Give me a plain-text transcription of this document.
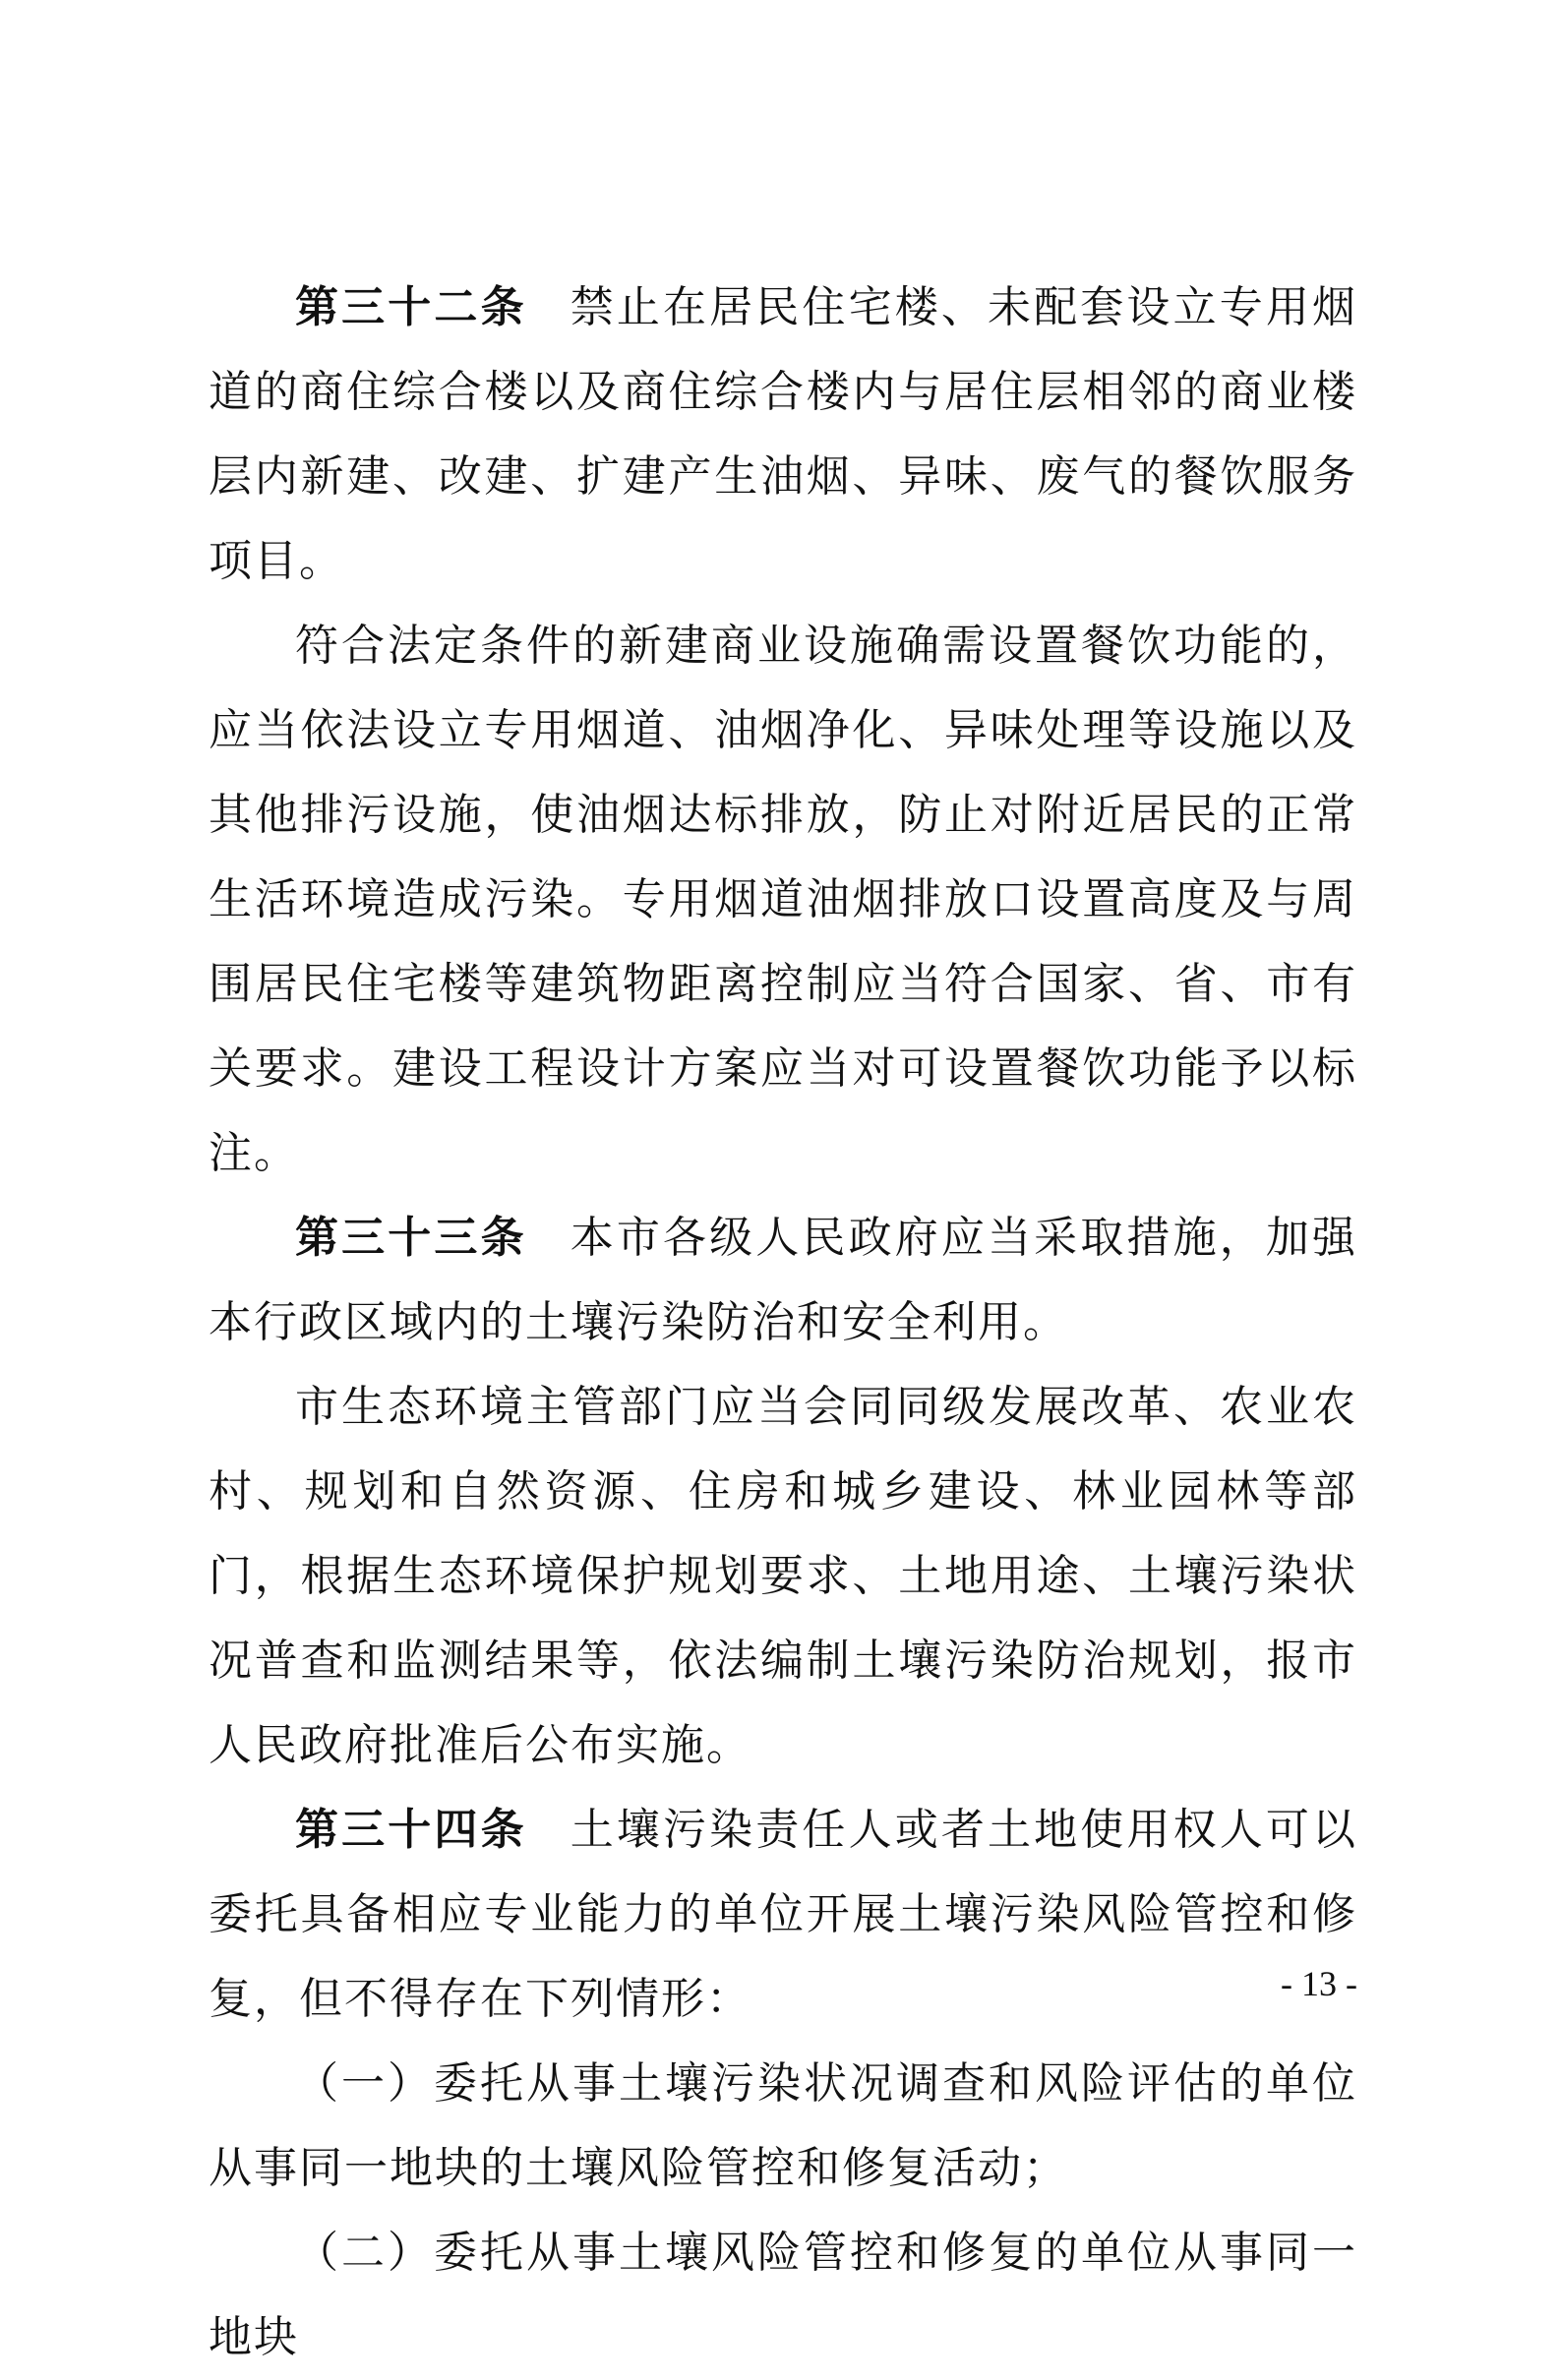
第三十二条 禁止在居民住宅楼、未配套设立专用烟道的商住综合楼以及商住综合楼内与居住层相邻的商业楼层内新建、改建、扩建产生油烟、异味、废气的餐饮服务项目。

符合法定条件的新建商业设施确需设置餐饮功能的，应当依法设立专用烟道、油烟净化、异味处理等设施以及其他排污设施，使油烟达标排放，防止对附近居民的正常生活环境造成污染。专用烟道油烟排放口设置高度及与周围居民住宅楼等建筑物距离控制应当符合国家、省、市有关要求。建设工程设计方案应当对可设置餐饮功能予以标注。

第三十三条 本市各级人民政府应当采取措施，加强本行政区域内的土壤污染防治和安全利用。

市生态环境主管部门应当会同同级发展改革、农业农村、规划和自然资源、住房和城乡建设、林业园林等部门，根据生态环境保护规划要求、土地用途、土壤污染状况普查和监测结果等，依法编制土壤污染防治规划，报市人民政府批准后公布实施。

第三十四条 土壤污染责任人或者土地使用权人可以委托具备相应专业能力的单位开展土壤污染风险管控和修复，但不得存在下列情形：

（一）委托从事土壤污染状况调查和风险评估的单位从事同一地块的土壤风险管控和修复活动；

（二）委托从事土壤风险管控和修复的单位从事同一地块

- 13 -
